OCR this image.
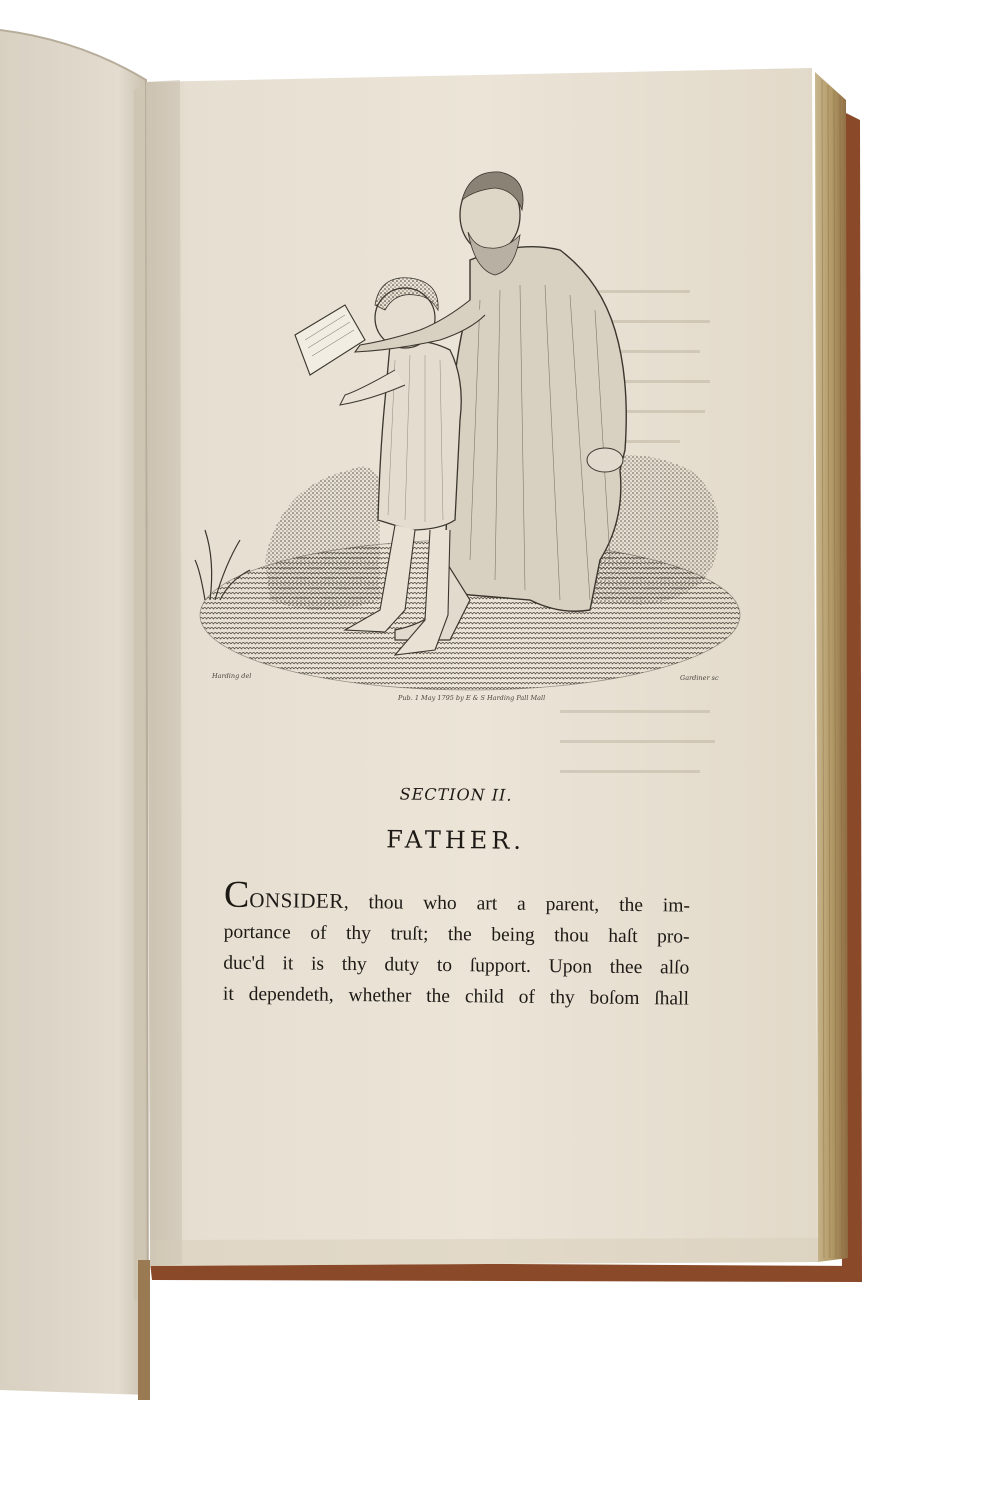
Harding del	Gardiner sc
Pub. 1 May 1795 by E & S Harding Pall Mall
SECTION II.
FATHER.
CONSIDER, thou who art a parent, the im-
portance of thy truſt; the being thou haſt pro-
duc'd it is thy duty to ſupport. Upon thee alſo
it dependeth, whether the child of thy boſom ſhall
